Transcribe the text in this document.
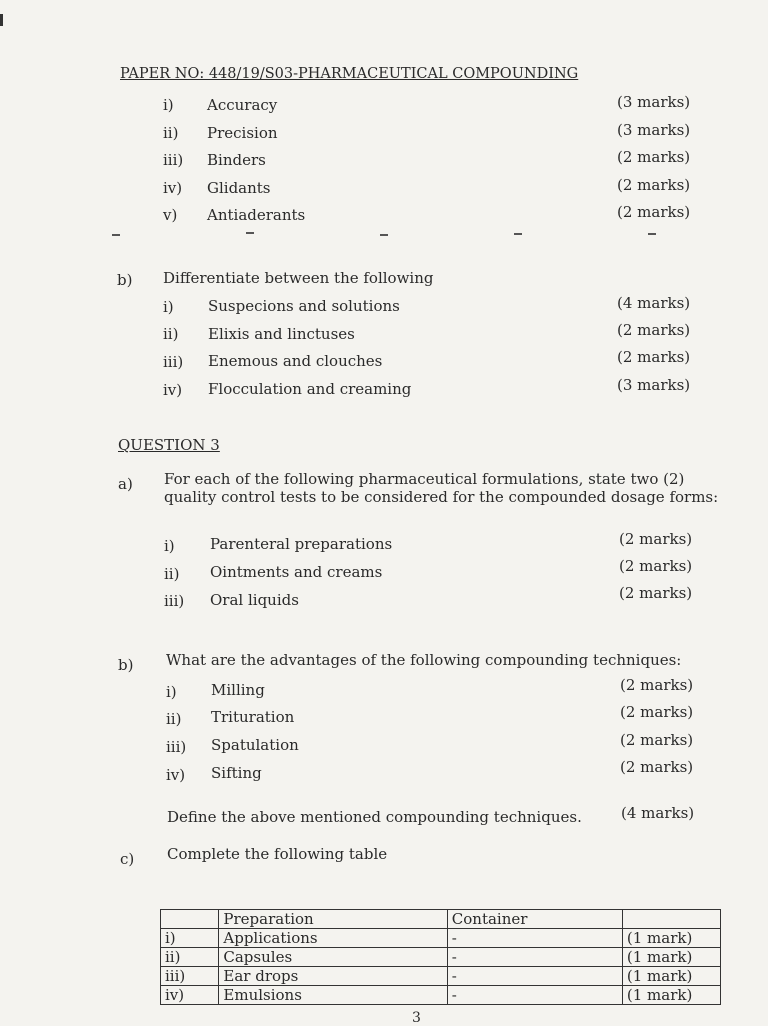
PAPER NO: 448/19/S03-PHARMACEUTICAL COMPOUNDING
i) Accuracy	(3 marks)
ii) Precision	(3 marks)
iii) Binders	(2 marks)
iv) Glidants	(2 marks)
v) Antiaderants	(2 marks)
b) Differentiate between the following
i) Suspecions and solutions	(4 marks)
ii) Elixis and linctuses	(2 marks)
iii) Enemous and clouches	(2 marks)
iv) Flocculation and creaming	(3 marks)
QUESTION 3
a) For each of the following pharmaceutical formulations, state two (2)
quality control tests to be considered for the compounded dosage forms:
i) Parenteral preparations	(2 marks)
ii) Ointments and creams	(2 marks)
iii) Oral liquids	(2 marks)
b) What are the advantages of the following compounding techniques:
i) Milling	(2 marks)
ii) Trituration	(2 marks)
iii) Spatulation	(2 marks)
iv) Sifting	(2 marks)
Define the above mentioned compounding techniques.	(4 marks)
c) Complete the following table
	Preparation	Container	
i)	Applications	-	(1 mark)
ii)	Capsules	-	(1 mark)
iii)	Ear drops	-	(1 mark)
iv)	Emulsions	-	(1 mark)
3
